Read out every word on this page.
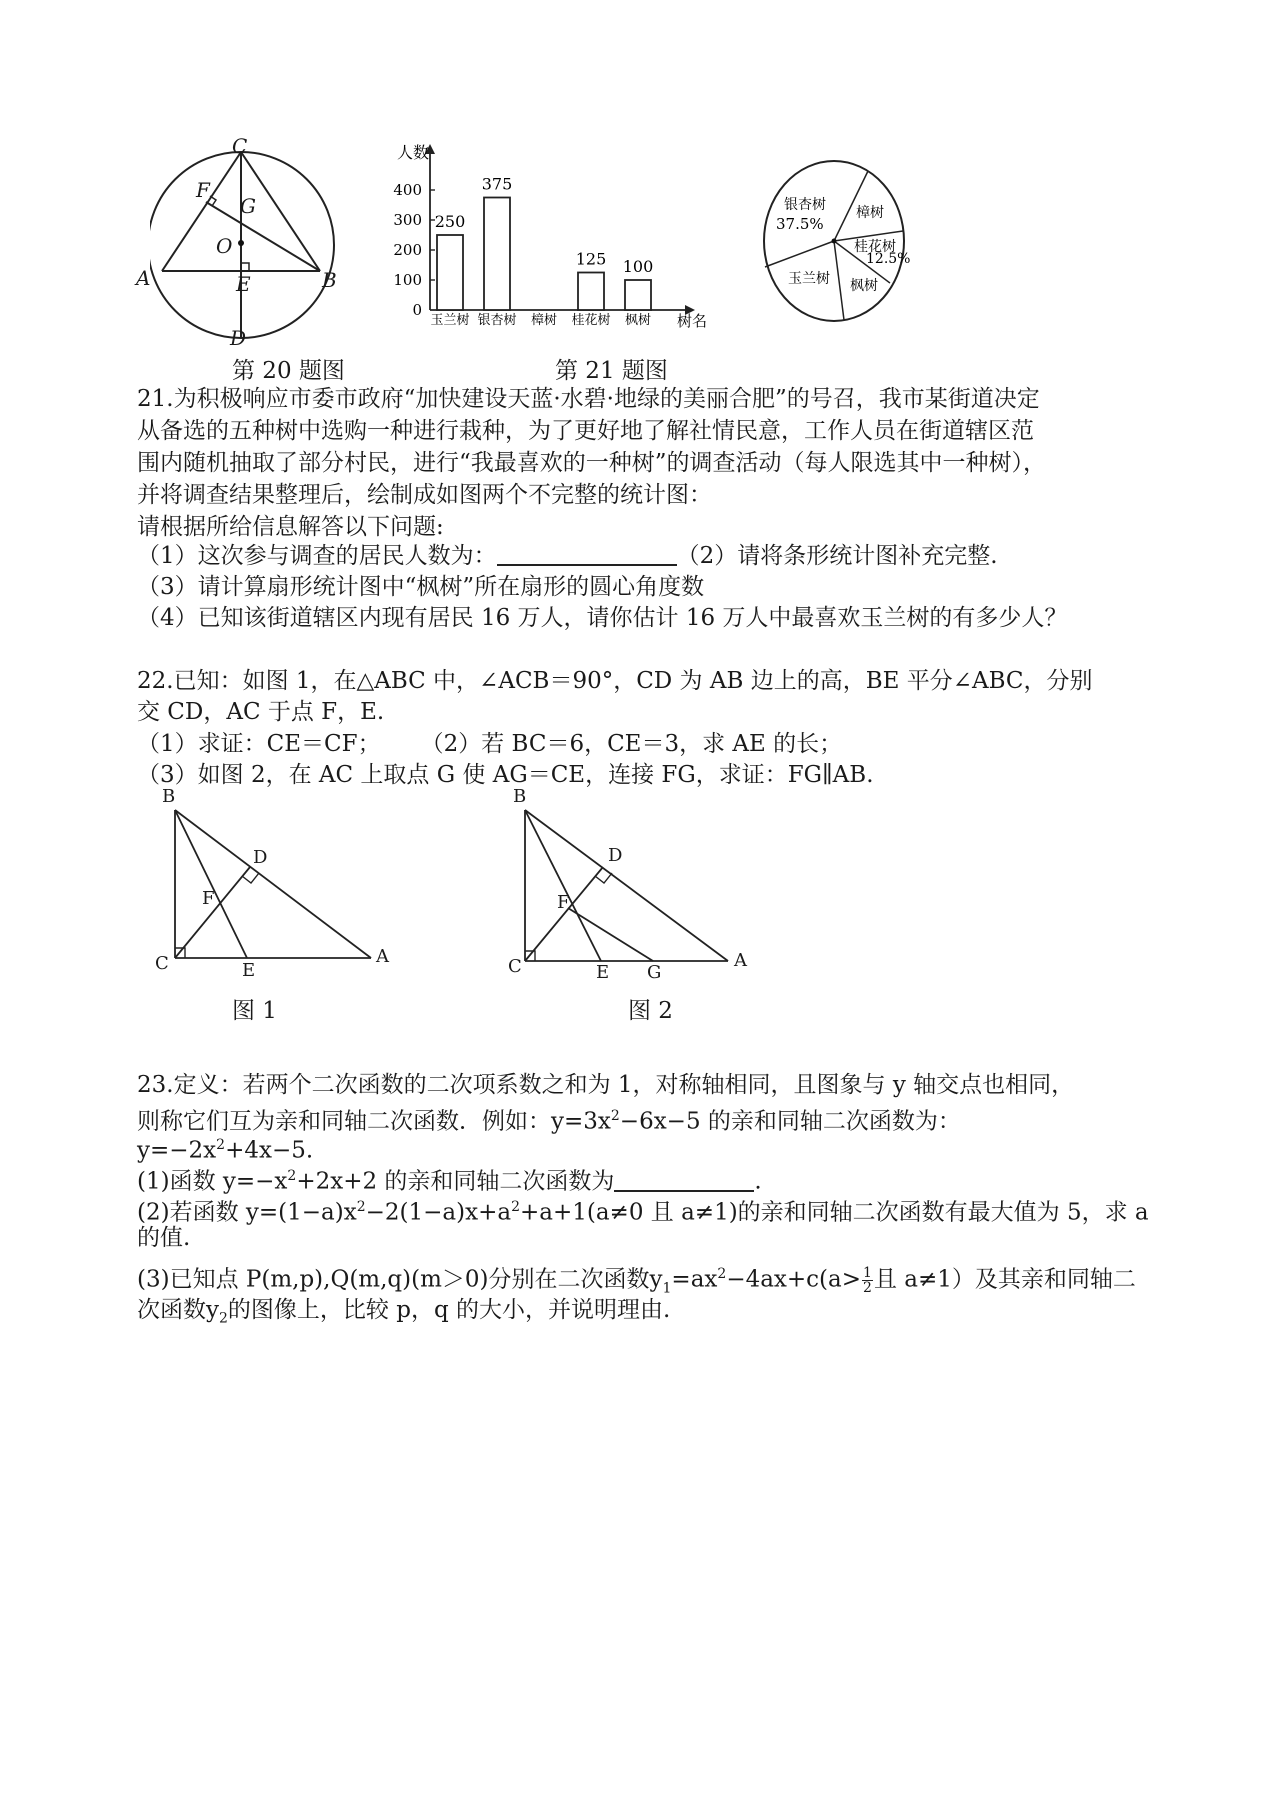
C
F
G
O
A	E	B
D
第 20 题图
0
100
200
300
400
人数
树名
250
玉兰树
375
银杏树 樟树
125
桂花树
100
枫树
第 21 题图
银杏树
37.5%
樟树
桂花树
12.5%
玉兰树 枫树
21.为积极响应市委市政府“加快建设天蓝·水碧·地绿的美丽合肥”的号召，我市某街道决定
从备选的五种树中选购一种进行栽种，为了更好地了解社情民意，工作人员在街道辖区范
围内随机抽取了部分村民，进行“我最喜欢的一种树”的调查活动（每人限选其中一种树），
并将调查结果整理后，绘制成如图两个不完整的统计图：
请根据所给信息解答以下问题:
（1）这次参与调查的居民人数为：	（2）请将条形统计图补充完整.
（3）请计算扇形统计图中“枫树”所在扇形的圆心角度数
（4）已知该街道辖区内现有居民 16 万人，请你估计 16 万人中最喜欢玉兰树的有多少人？
22.已知：如图 1，在△ABC 中，∠ACB＝90°，CD 为 AB 边上的高，BE 平分∠ABC，分别
交 CD，AC 于点 F，E.
（1）求证：CE＝CF； （2）若 BC＝6，CE＝3，求 AE 的长；
（3）如图 2，在 AC 上取点 G 使 AG＝CE，连接 FG，求证：FG∥AB.
B
D
F
C	E
A
图 1
B
D
F
C	E G
A
图 2
23.定义：若两个二次函数的二次项系数之和为 1，对称轴相同，且图象与 y 轴交点也相同，
则称它们互为亲和同轴二次函数．例如：$y=3x^2-6x-5$ 的亲和同轴二次函数为：
$y=-2x^2+4x-5$.
(1)函数 $y=-x^2+2x+2$ 的亲和同轴二次函数为	.
(2)若函数 $y=(1-a)x^2-2(1-a)x+a^2+a+1(a\ne 0$ 且 a≠1)的亲和同轴二次函数有最大值为 5，求 a
的值.
(3)已知点 P(m,p),Q(m,q)(m＞0)分别在二次函数$y_1=ax^2-4ax+c(a> \frac{1}{2}$ 且 a≠1）及其亲和同轴二
次函数$y_2$的图像上，比较 p，q 的大小，并说明理由.
